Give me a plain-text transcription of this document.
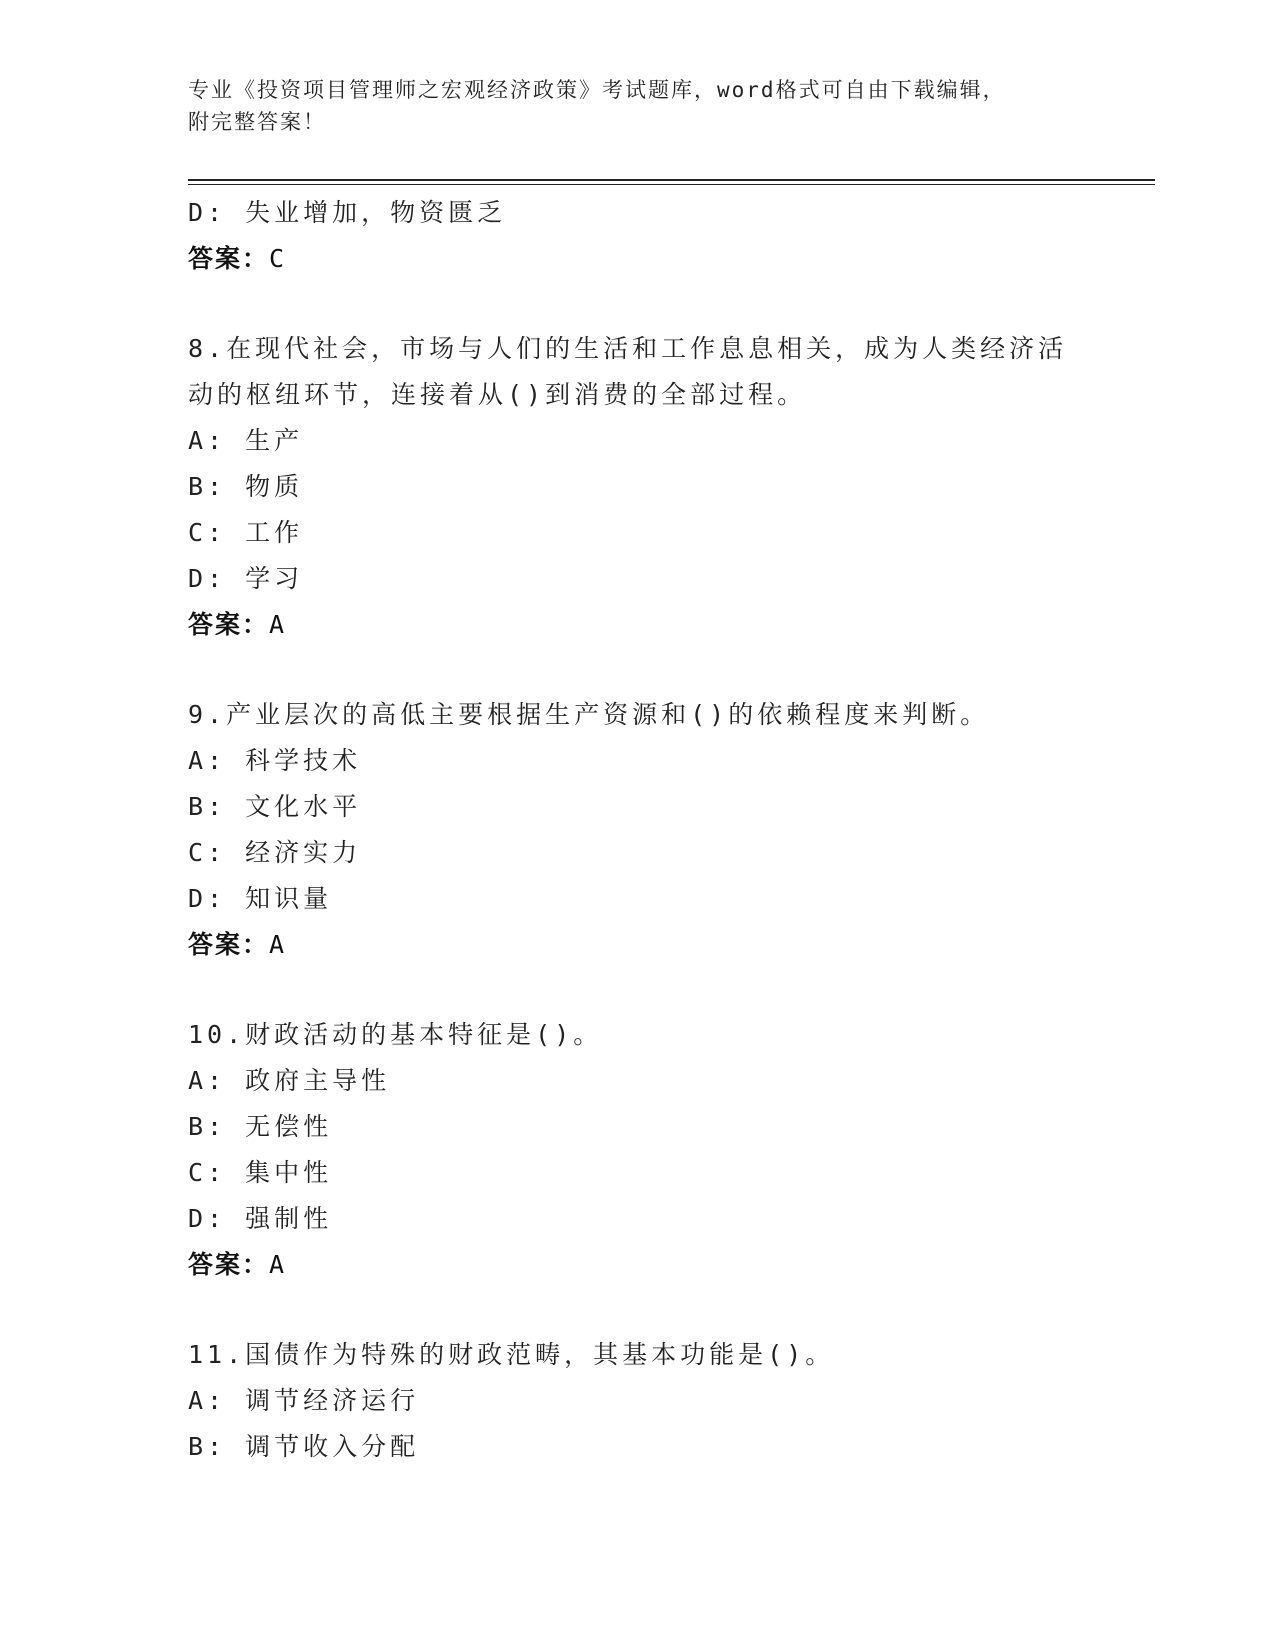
专业《投资项目管理师之宏观经济政策》考试题库，word格式可自由下载编辑，
附完整答案！
D: 失业增加，物资匮乏
答案：C
8.在现代社会，市场与人们的生活和工作息息相关，成为人类经济活
动的枢纽环节，连接着从()到消费的全部过程。
A: 生产
B: 物质
C: 工作
D: 学习
答案：A
9.产业层次的高低主要根据生产资源和()的依赖程度来判断。
A: 科学技术
B: 文化水平
C: 经济实力
D: 知识量
答案：A
10.财政活动的基本特征是()。
A: 政府主导性
B: 无偿性
C: 集中性
D: 强制性
答案：A
11.国债作为特殊的财政范畴，其基本功能是()。
A: 调节经济运行
B: 调节收入分配
